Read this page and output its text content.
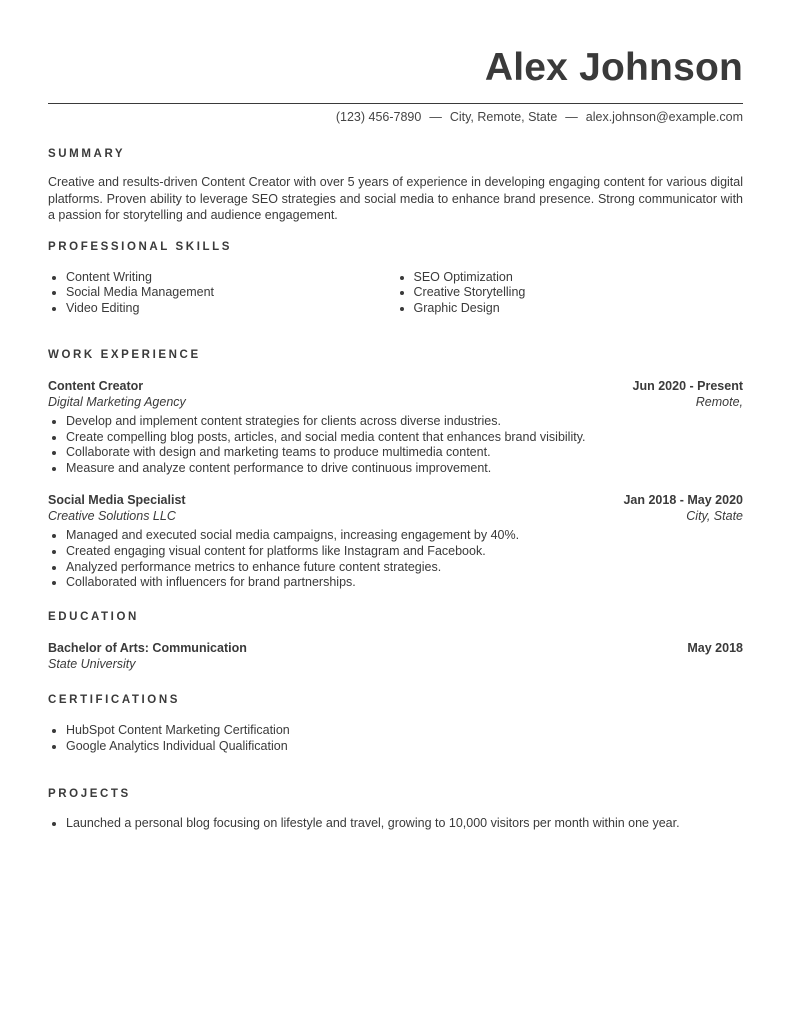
Alex Johnson
(123) 456-7890 — City, Remote, State — alex.johnson@example.com
SUMMARY

Creative and results-driven Content Creator with over 5 years of experience in developing engaging content for various digital platforms. Proven ability to leverage SEO strategies and social media to enhance brand presence. Strong communicator with a passion for storytelling and audience engagement.

PROFESSIONAL SKILLS
• Content Writing
• Social Media Management
• Video Editing
• SEO Optimization
• Creative Storytelling
• Graphic Design
WORK EXPERIENCE
Content Creator	Jun 2020 - Present
Digital Marketing Agency	Remote,
• Develop and implement content strategies for clients across diverse industries.
• Create compelling blog posts, articles, and social media content that enhances brand visibility.
• Collaborate with design and marketing teams to produce multimedia content.
• Measure and analyze content performance to drive continuous improvement.
Social Media Specialist	Jan 2018 - May 2020
Creative Solutions LLC	City, State
• Managed and executed social media campaigns, increasing engagement by 40%.
• Created engaging visual content for platforms like Instagram and Facebook.
• Analyzed performance metrics to enhance future content strategies.
• Collaborated with influencers for brand partnerships.
EDUCATION
Bachelor of Arts: Communication	May 2018
State University
CERTIFICATIONS
• HubSpot Content Marketing Certification
• Google Analytics Individual Qualification
PROJECTS
• Launched a personal blog focusing on lifestyle and travel, growing to 10,000 visitors per month within one year.
